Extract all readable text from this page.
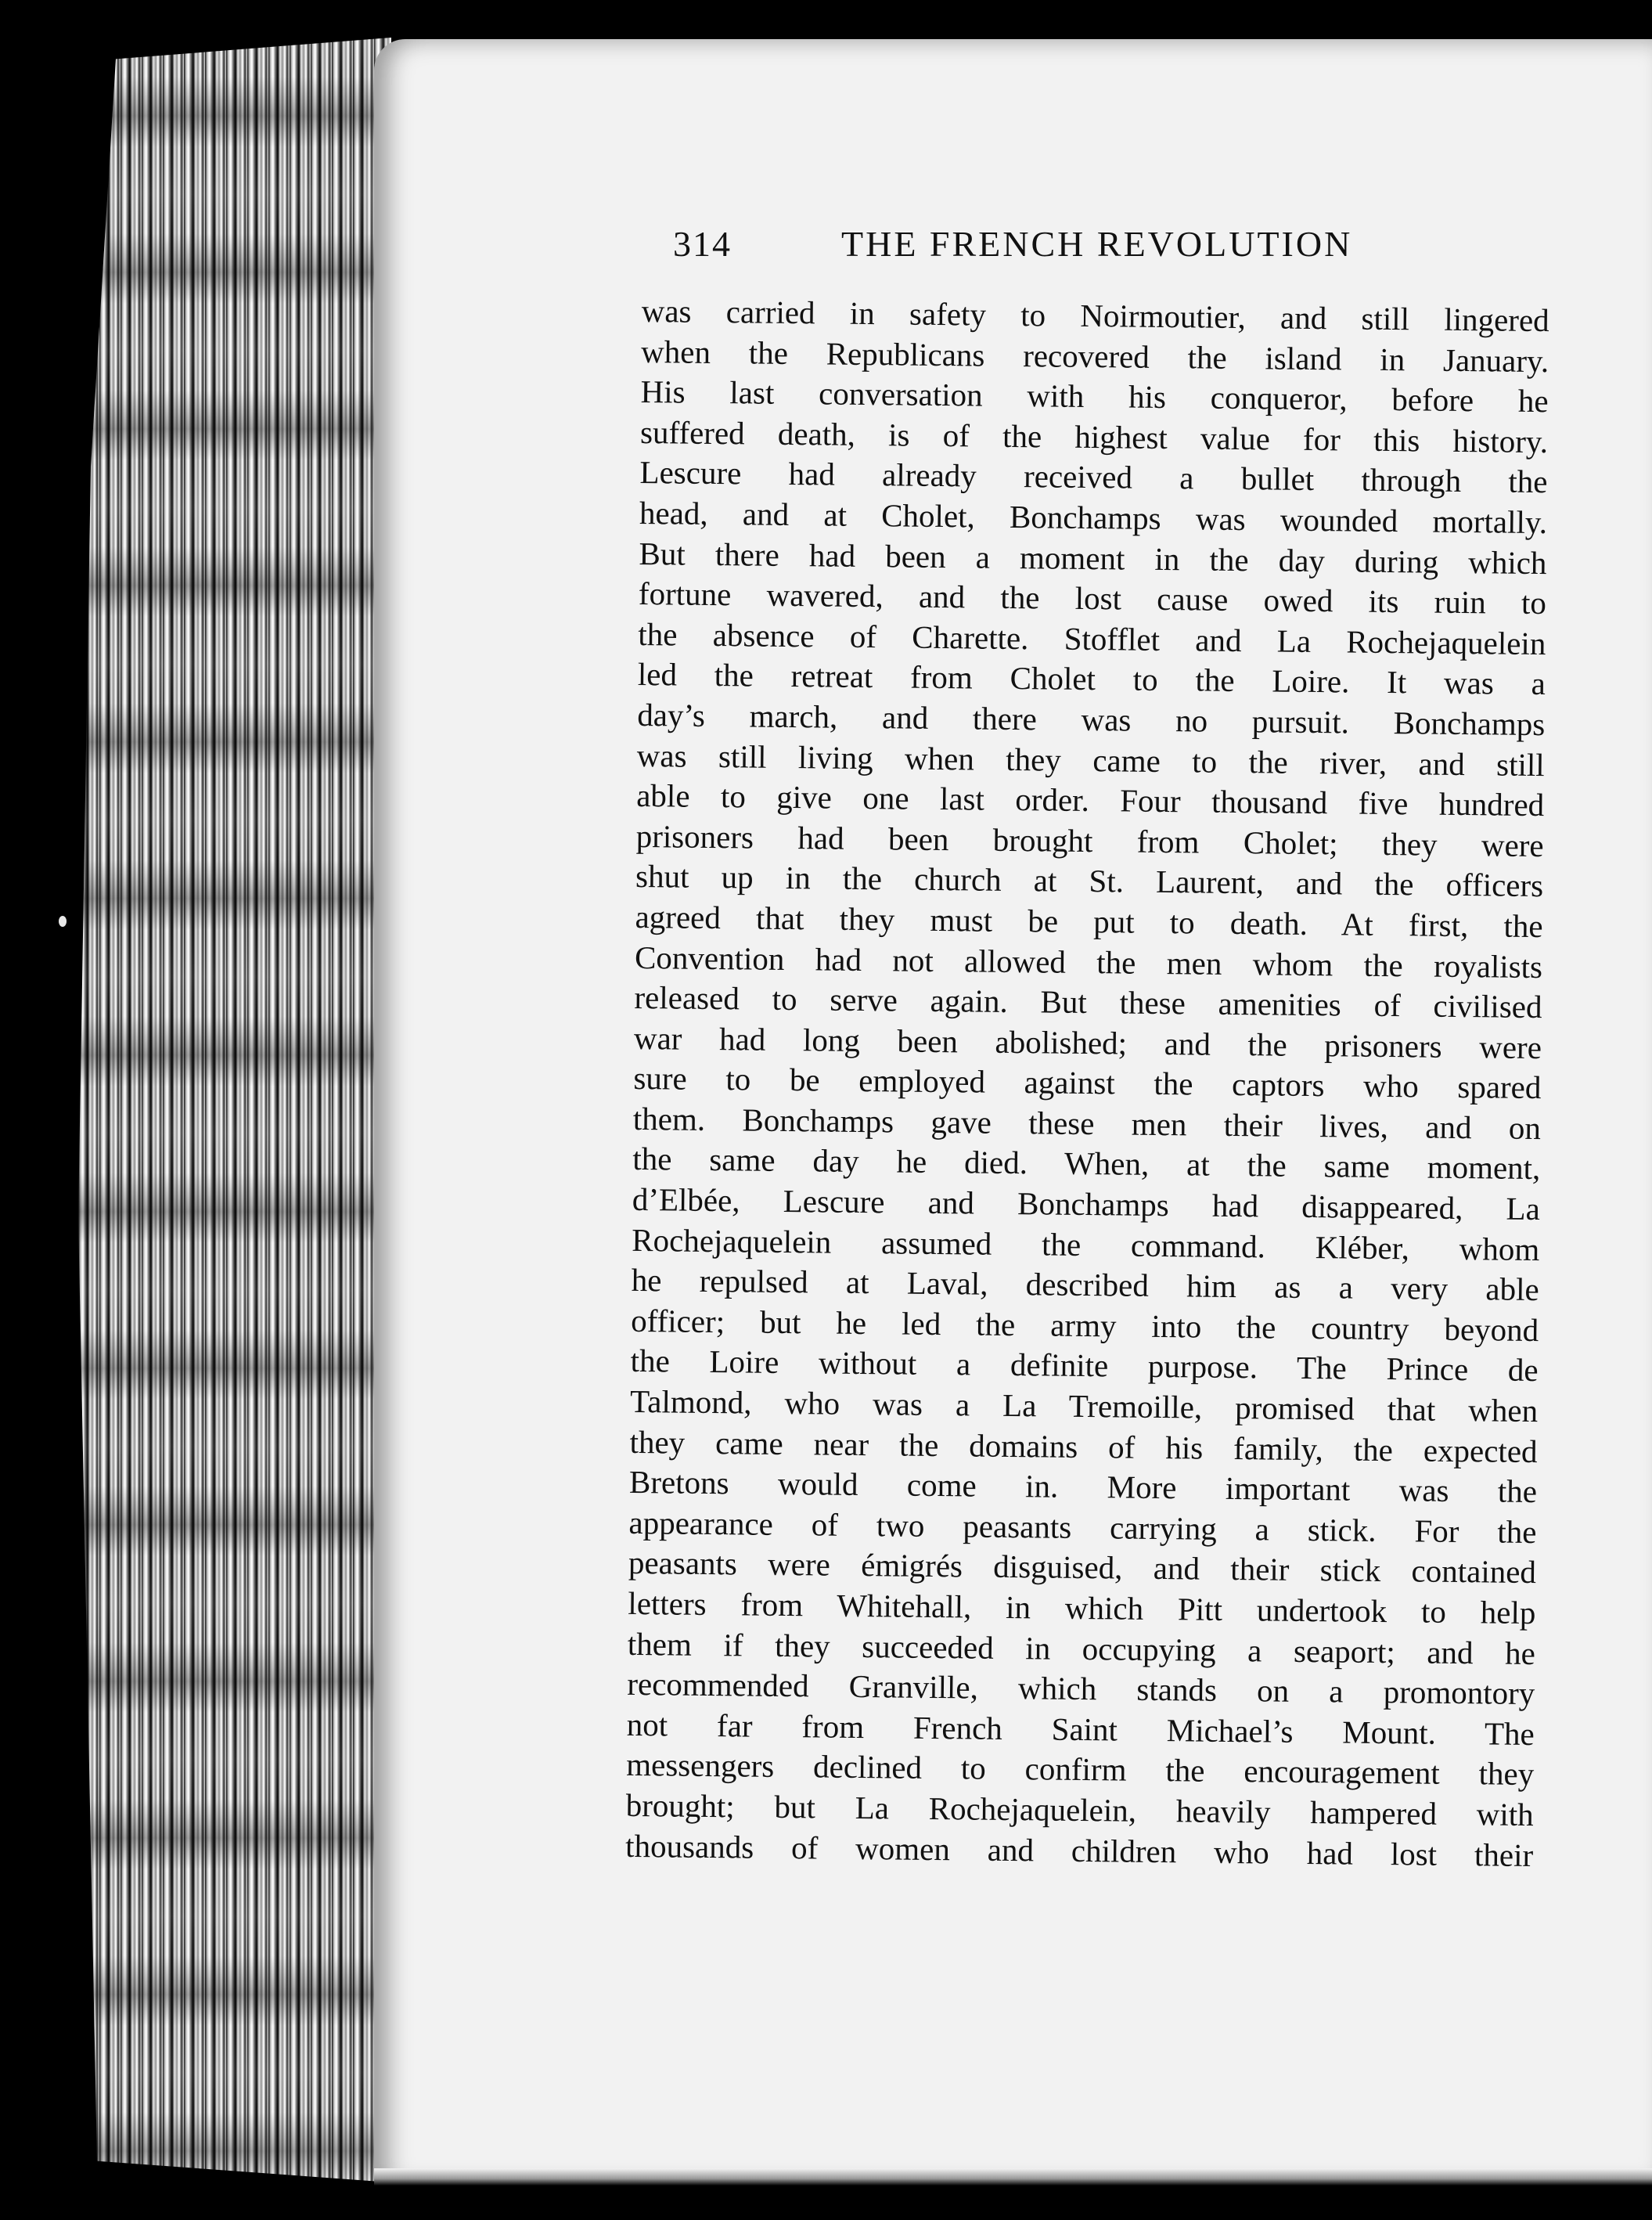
314	THE FRENCH REVOLUTION
was carried in safety to Noirmoutier, and still lingered
when the Republicans recovered the island in January.
His last conversation with his conqueror, before he
suffered death, is of the highest value for this history.
Lescure had already received a bullet through the
head, and at Cholet, Bonchamps was wounded mortally.
But there had been a moment in the day during which
fortune wavered, and the lost cause owed its ruin to
the absence of Charette. Stofflet and La Rochejaquelein
led the retreat from Cholet to the Loire. It was a
day’s march, and there was no pursuit. Bonchamps
was still living when they came to the river, and still
able to give one last order. Four thousand five hundred
prisoners had been brought from Cholet; they were
shut up in the church at St. Laurent, and the officers
agreed that they must be put to death. At first, the
Convention had not allowed the men whom the royalists
released to serve again. But these amenities of civilised
war had long been abolished; and the prisoners were
sure to be employed against the captors who spared
them. Bonchamps gave these men their lives, and on
the same day he died. When, at the same moment,
d’Elbée, Lescure and Bonchamps had disappeared, La
Rochejaquelein assumed the command. Kléber, whom
he repulsed at Laval, described him as a very able
officer; but he led the army into the country beyond
the Loire without a definite purpose. The Prince de
Talmond, who was a La Tremoille, promised that when
they came near the domains of his family, the expected
Bretons would come in. More important was the
appearance of two peasants carrying a stick. For the
peasants were émigrés disguised, and their stick contained
letters from Whitehall, in which Pitt undertook to help
them if they succeeded in occupying a seaport; and he
recommended Granville, which stands on a promontory
not far from French Saint Michael’s Mount. The
messengers declined to confirm the encouragement they
brought; but La Rochejaquelein, heavily hampered with
thousands of women and children who had lost their
